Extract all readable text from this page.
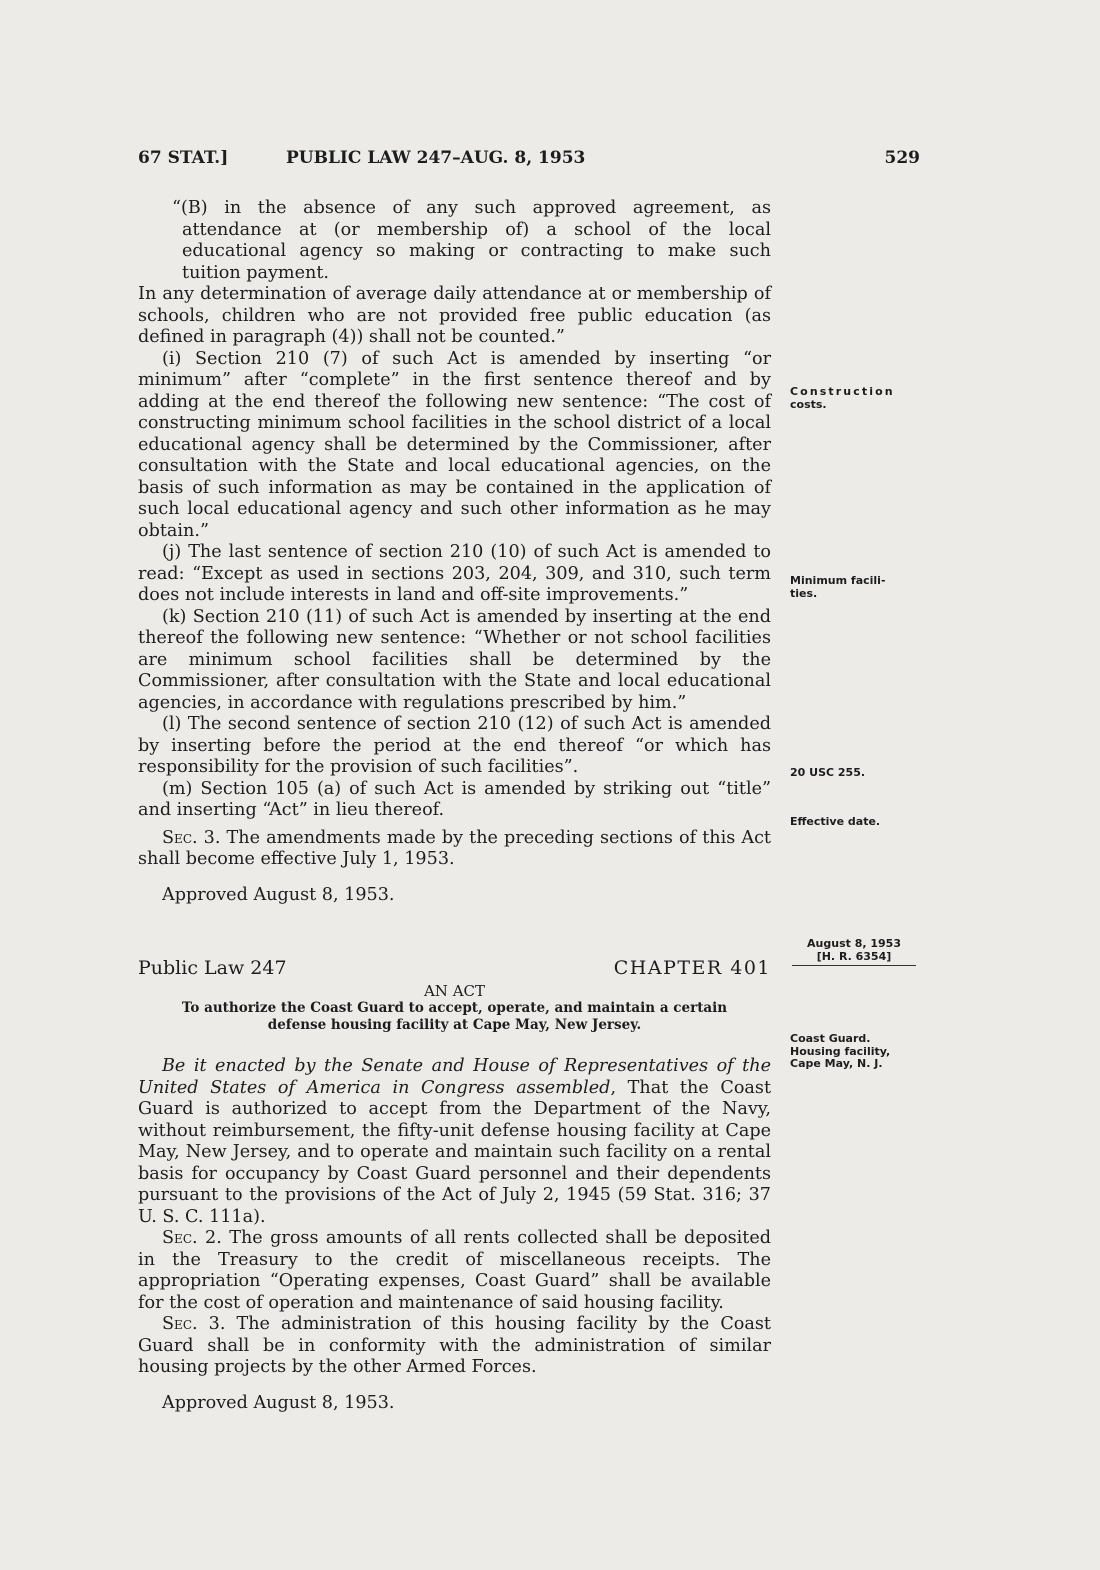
67 STAT.]	PUBLIC LAW 247–AUG. 8, 1953	529

“(B) in the absence of any such approved agreement, as attendance at (or membership of) a school of the local educational agency so making or contracting to make such tuition payment.

In any determination of average daily attendance at or membership of schools, children who are not provided free public education (as defined in paragraph (4)) shall not be counted.”

(i) Section 210 (7) of such Act is amended by inserting “or minimum” after “complete” in the first sentence thereof and by adding at the end thereof the following new sentence: “The cost of constructing minimum school facilities in the school district of a local educational agency shall be determined by the Commissioner, after consultation with the State and local educational agencies, on the basis of such information as may be contained in the application of such local educational agency and such other information as he may obtain.”

(j) The last sentence of section 210 (10) of such Act is amended to read: “Except as used in sections 203, 204, 309, and 310, such term does not include interests in land and off-site improvements.”

(k) Section 210 (11) of such Act is amended by inserting at the end thereof the following new sentence: “Whether or not school facilities are minimum school facilities shall be determined by the Commissioner, after consultation with the State and local educational agencies, in accordance with regulations prescribed by him.”

(l) The second sentence of section 210 (12) of such Act is amended by inserting before the period at the end thereof “or which has responsibility for the provision of such facilities”.

(m) Section 105 (a) of such Act is amended by striking out “title” and inserting “Act” in lieu thereof.

Sec. 3. The amendments made by the preceding sections of this Act shall become effective July 1, 1953.

Approved August 8, 1953.

Public Law 247	CHAPTER 401

AN ACT

To authorize the Coast Guard to accept, operate, and maintain a certain defense housing facility at Cape May, New Jersey.

Be it enacted by the Senate and House of Representatives of the United States of America in Congress assembled, That the Coast Guard is authorized to accept from the Department of the Navy, without reimbursement, the fifty-unit defense housing facility at Cape May, New Jersey, and to operate and maintain such facility on a rental basis for occupancy by Coast Guard personnel and their dependents pursuant to the provisions of the Act of July 2, 1945 (59 Stat. 316; 37 U. S. C. 111a).

Sec. 2. The gross amounts of all rents collected shall be deposited in the Treasury to the credit of miscellaneous receipts. The appropriation “Operating expenses, Coast Guard” shall be available for the cost of operation and maintenance of said housing facility.

Sec. 3. The administration of this housing facility by the Coast Guard shall be in conformity with the administration of similar housing projects by the other Armed Forces.

Approved August 8, 1953.

Construction
costs.
Minimum facili-
ties.
20 USC 255.
Effective date.
August 8, 1953
[H. R. 6354]
Coast Guard.
Housing facility,
Cape May, N. J.
